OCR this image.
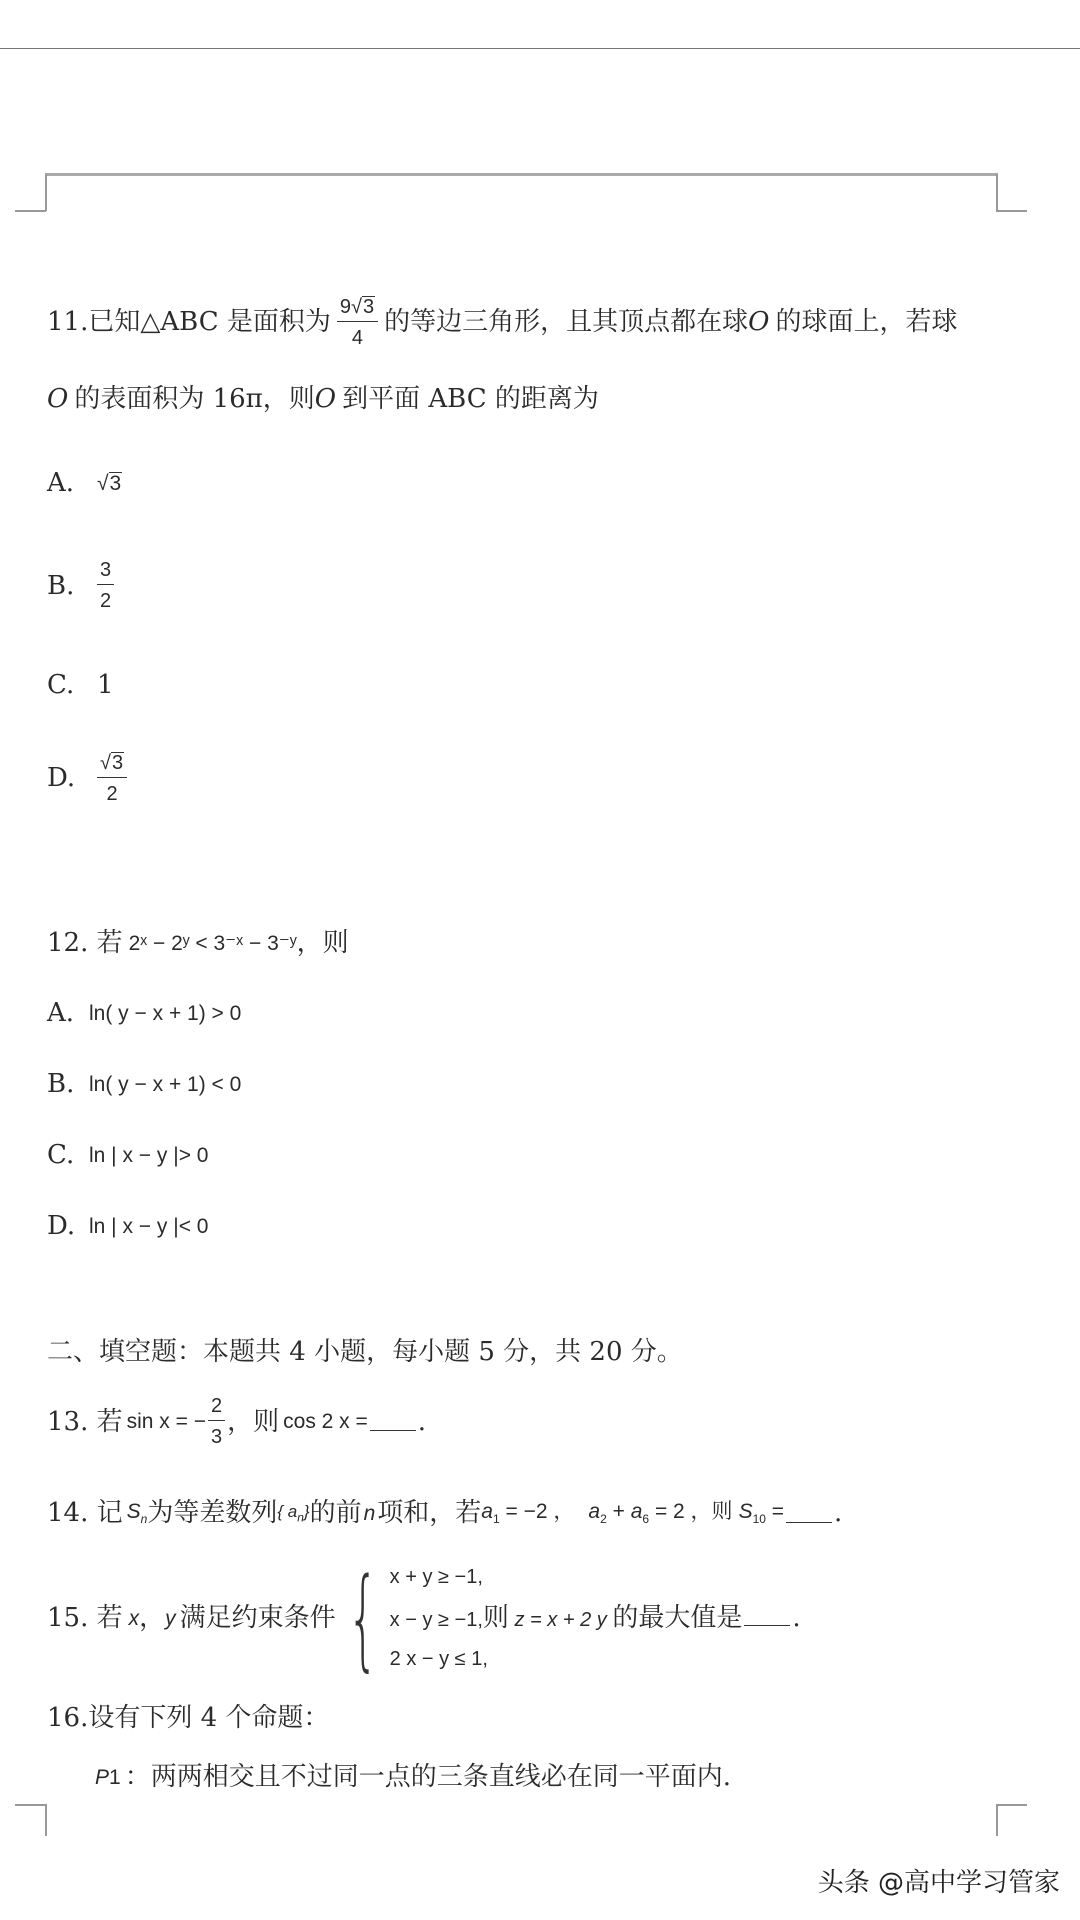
11.已知△ABC 是面积为 $\frac{9 √ 3}{4}$ 的等边三角形，且其顶点都在球 O 的球面上，若球
O 的表面积为 16π，则 O 到平面 ABC 的距离为
A.	√ 3
B.	$\frac{3}{2}$
C. 1
D.	$\frac{√ 3}{2}$
12. 若 2ˣ − 2ʸ < 3⁻ˣ − 3⁻ʸ ，则
A. ln( y − x + 1) > 0
B. ln( y − x + 1) < 0
C. ln | x − y |> 0
D. ln | x − y |< 0
二、填空题：本题共 4 小题，每小题 5 分，共 20 分。
13. 若 sin x = − $\frac{2}{3}$ ，则 cos 2 x = .
14. 记 $S_n$ 为等差数列 { $a_n$} 的前 n 项和，若 $a_1 = -2$ ， $a_2 + a_6 = 2$ ，则 $S_{10}$ = .
15. 若 x ， y 满足约束条件 { x + y ≥ −1,
x − y ≥ −1,则 z = x + 2 y 的最大值是 .
2 x − y ≤ 1,
16.设有下列 4 个命题：
P 1 ：两两相交且不过同一点的三条直线必在同一平面内.
头条 @高中学习管家
